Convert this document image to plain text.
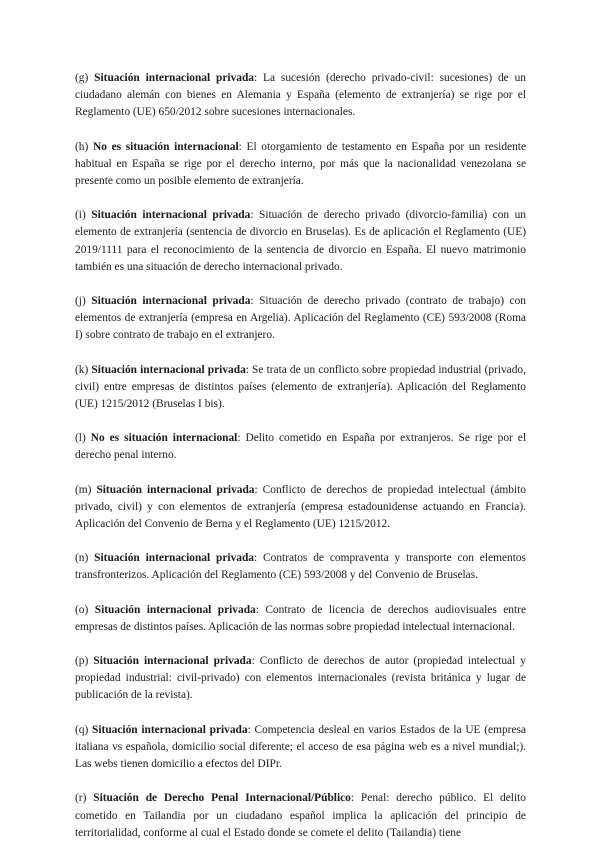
(g) Situación internacional privada: La sucesión (derecho privado-civil: sucesiones) de un ciudadano alemán con bienes en Alemania y España (elemento de extranjería) se rige por el Reglamento (UE) 650/2012 sobre sucesiones internacionales.

(h) No es situación internacional: El otorgamiento de testamento en España por un residente habitual en España se rige por el derecho interno, por más que la nacionalidad venezolana se presente como un posible elemento de extranjería.

(i) Situación internacional privada: Situación de derecho privado (divorcio-familia) con un elemento de extranjería (sentencia de divorcio en Bruselas). Es de aplicación el Reglamento (UE) 2019/1111 para el reconocimiento de la sentencia de divorcio en España. El nuevo matrimonio también es una situación de derecho internacional privado.

(j) Situación internacional privada: Situación de derecho privado (contrato de trabajo) con elementos de extranjería (empresa en Argelia). Aplicación del Reglamento (CE) 593/2008 (Roma I) sobre contrato de trabajo en el extranjero.

(k) Situación internacional privada: Se trata de un conflicto sobre propiedad industrial (privado, civil) entre empresas de distintos países (elemento de extranjería). Aplicación del Reglamento (UE) 1215/2012 (Bruselas I bis).

(l) No es situación internacional: Delito cometido en España por extranjeros. Se rige por el derecho penal interno.

(m) Situación internacional privada: Conflicto de derechos de propiedad intelectual (ámbito privado, civil) y con elementos de extranjería (empresa estadounidense actuando en Francia). Aplicación del Convenio de Berna y el Reglamento (UE) 1215/2012.

(n) Situación internacional privada: Contratos de compraventa y transporte con elementos transfronterizos. Aplicación del Reglamento (CE) 593/2008 y del Convenio de Bruselas.

(o) Situación internacional privada: Contrato de licencia de derechos audiovisuales entre empresas de distintos países. Aplicación de las normas sobre propiedad intelectual internacional.

(p) Situación internacional privada: Conflicto de derechos de autor (propiedad intelectual y propiedad industrial: civil-privado) con elementos internacionales (revista británica y lugar de publicación de la revista).

(q) Situación internacional privada: Competencia desleal en varios Estados de la UE (empresa italiana vs española, domicilio social diferente; el acceso de esa página web es a nivel mundial;). Las webs tienen domicilio a efectos del DIPr.

(r) Situación de Derecho Penal Internacional/Público: Penal: derecho público. El delito cometido en Tailandia por un ciudadano español implica la aplicación del principio de territorialidad, conforme al cual el Estado donde se comete el delito (Tailandia) tiene
